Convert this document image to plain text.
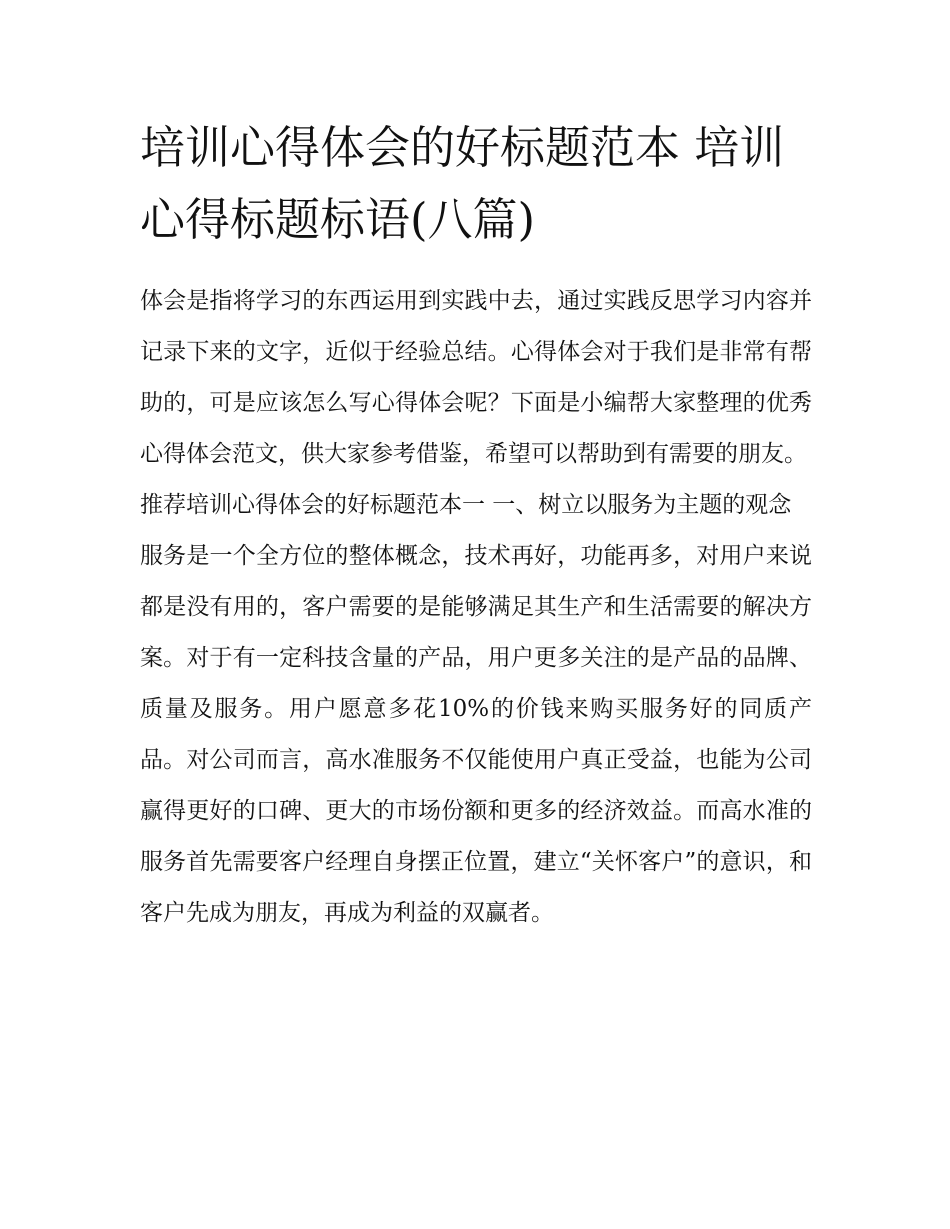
培训心得体会的好标题范本 培训心得标题标语(八篇)

体会是指将学习的东西运用到实践中去，通过实践反思学习内容并记录下来的文字，近似于经验总结。心得体会对于我们是非常有帮助的，可是应该怎么写心得体会呢？下面是小编帮大家整理的优秀心得体会范文，供大家参考借鉴，希望可以帮助到有需要的朋友。

推荐培训心得体会的好标题范本一 一、树立以服务为主题的观念

服务是一个全方位的整体概念，技术再好，功能再多，对用户来说都是没有用的，客户需要的是能够满足其生产和生活需要的解决方案。对于有一定科技含量的产品，用户更多关注的是产品的品牌、质量及服务。用户愿意多花10%的价钱来购买服务好的同质产品。对公司而言，高水准服务不仅能使用户真正受益，也能为公司赢得更好的口碑、更大的市场份额和更多的经济效益。而高水准的服务首先需要客户经理自身摆正位置，建立“关怀客户”的意识，和客户先成为朋友，再成为利益的双赢者。
